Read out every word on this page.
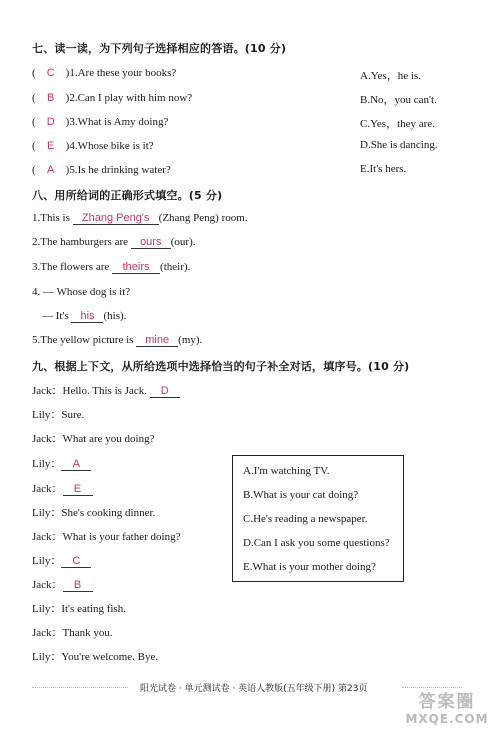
七、读一读，为下列句子选择相应的答语。(10 分)
( C )1.Are these your books?
( B )2.Can I play with him now?
( D )3.What is Amy doing?
( E )4.Whose bike is it?
( A )5.Is he drinking water?
A.Yes，he is.
B.No，you can't.
C.Yes，they are.
D.She is dancing.
E.It's hers.
八、用所给词的正确形式填空。(5 分)
1.This is Zhang Peng's (Zhang Peng) room.
2.The hamburgers are ours (our).
3.The flowers are theirs (their).
4. — Whose dog is it?
— It's his (his).
5.The yellow picture is mine (my).
九、根据上下文，从所给选项中选择恰当的句子补全对话，填序号。(10 分)
Jack：Hello. This is Jack. D
Lily：Sure.
Jack：What are you doing?
Lily： A
Jack： E
Lily：She's cooking dinner.
Jack：What is your father doing?
Lily： C
Jack： B
Lily：It's eating fish.
Jack：Thank you.
Lily：You're welcome. Bye.
A.I'm watching TV.
B.What is your cat doing?
C.He's reading a newspaper.
D.Can I ask you some questions?
E.What is your mother doing?
阳光试卷 · 单元测试卷 · 英语人教版(五年级下册) 第23页
答案圈
MXQE.COM
